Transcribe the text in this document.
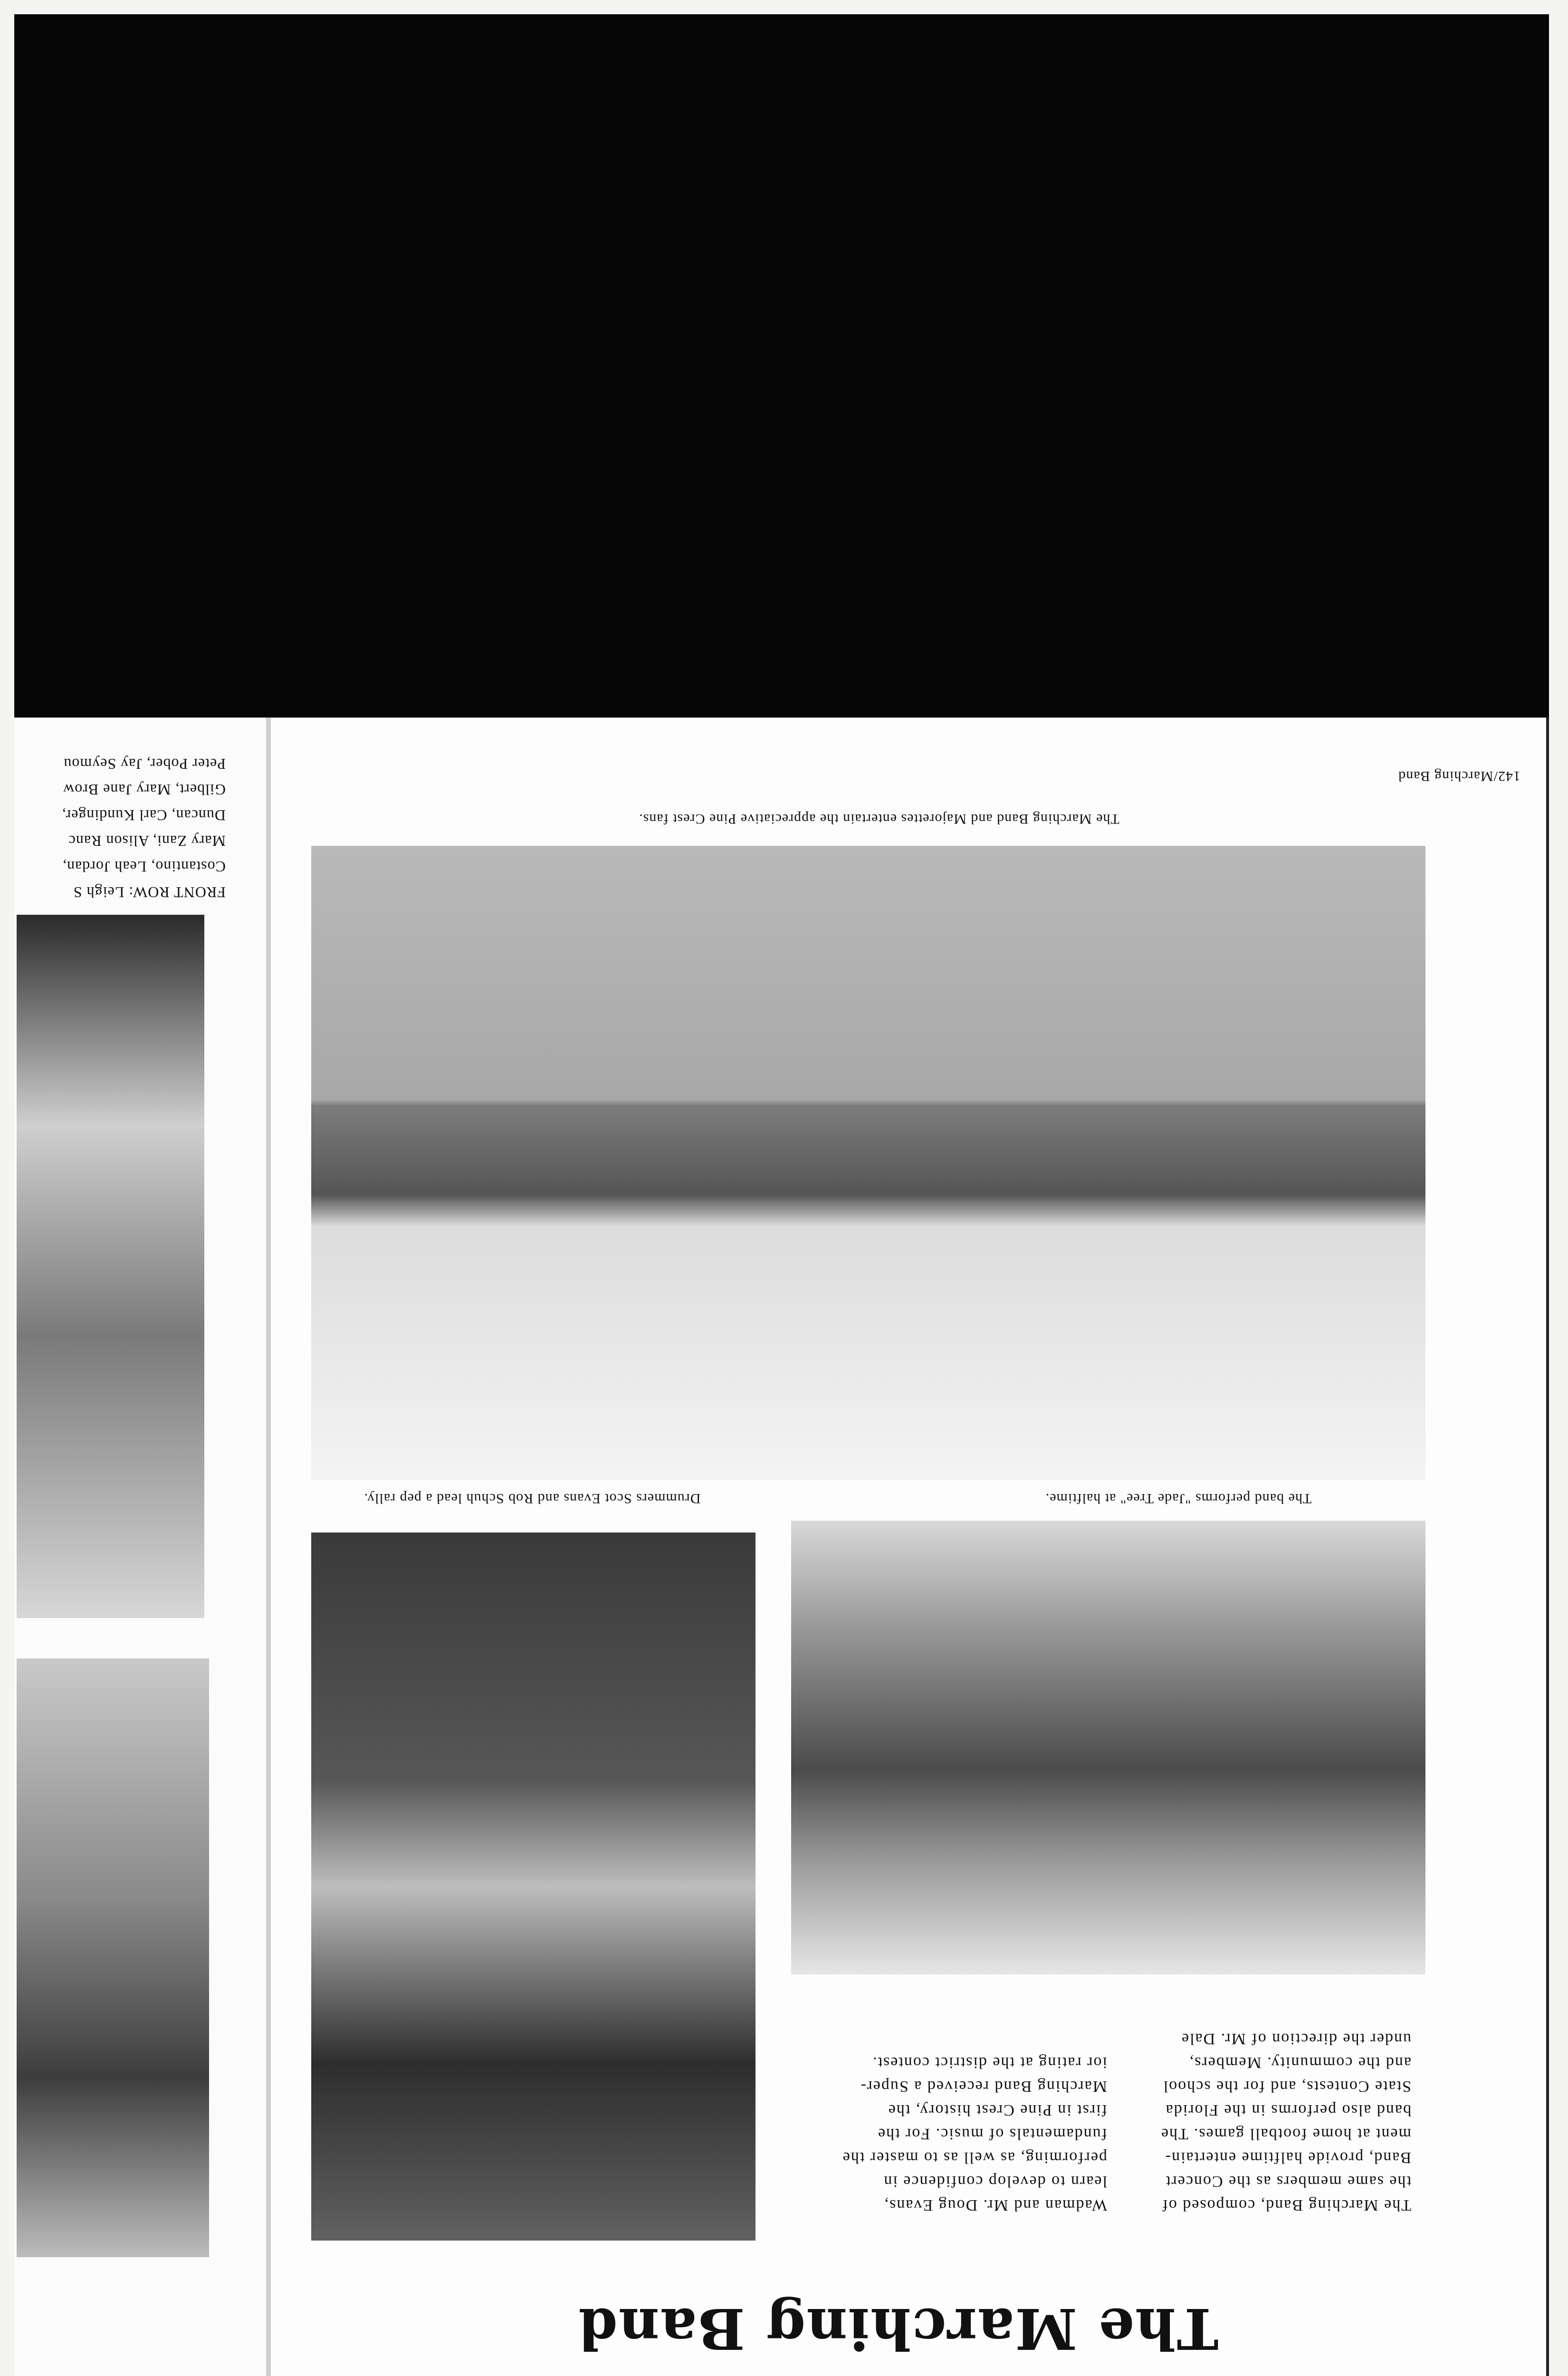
FRONT ROW: Leigh S
Costantino, Leah Jordan,
Mary Zani, Alison Ranc
Duncan, Carl Kundinger,
Gilbert, Mary Jane Brow
Peter Pober, Jay Seymou
142/Marching Band
The Marching Band and Majorettes entertain the appreciative Pine Crest fans.
Drummers Scot Evans and Rob Schuh lead a pep rally.	The band performs "Jade Tree" at halftime.
The Marching Band, composed of
the same members as the Concert
Band, provide halftime entertain-
ment at home football games. The
band also performs in the Florida
State Contests, and for the school
and the community. Members,
under the direction of Mr. Dale
Wadman and Mr. Doug Evans,
learn to develop confidence in
performing, as well as to master the
fundamentals of music. For the
first in Pine Crest history, the
Marching Band received a Super-
ior rating at the district contest.
The Marching Band
